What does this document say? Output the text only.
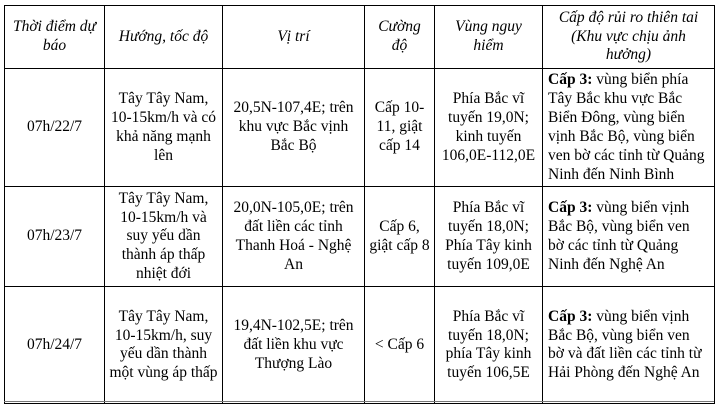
Thời điểm dự báo	Hướng, tốc độ	Vị trí	Cường độ	Vùng nguy hiểm	Cấp độ rủi ro thiên tai (Khu vực chịu ảnh hưởng)
07h/22/7	Tây Tây Nam, 10-15km/h và có khả năng mạnh lên	20,5N-107,4E; trên khu vực Bắc vịnh Bắc Bộ	Cấp 10-11, giật cấp 14	Phía Bắc vĩ tuyến 19,0N; kinh tuyến 106,0E-112,0E	Cấp 3: vùng biển phía Tây Bắc khu vực Bắc Biển Đông, vùng biển vịnh Bắc Bộ, vùng biển ven bờ các tỉnh từ Quảng Ninh đến Ninh Bình
07h/23/7	Tây Tây Nam, 10-15km/h và suy yếu dần thành áp thấp nhiệt đới	20,0N-105,0E; trên đất liền các tỉnh Thanh Hoá - Nghệ An	Cấp 6, giật cấp 8	Phía Bắc vĩ tuyến 18,0N; Phía Tây kinh tuyến 109,0E	Cấp 3: vùng biển vịnh Bắc Bộ, vùng biển ven bờ các tỉnh từ Quảng Ninh đến Nghệ An
07h/24/7	Tây Tây Nam, 10-15km/h, suy yếu dần thành một vùng áp thấp	19,4N-102,5E; trên đất liền khu vực Thượng Lào	< Cấp 6	Phía Bắc vĩ tuyến 18,0N; phía Tây kinh tuyến 106,5E	Cấp 3: vùng biển vịnh Bắc Bộ, vùng biển ven bờ và đất liền các tỉnh từ Hải Phòng đến Nghệ An
